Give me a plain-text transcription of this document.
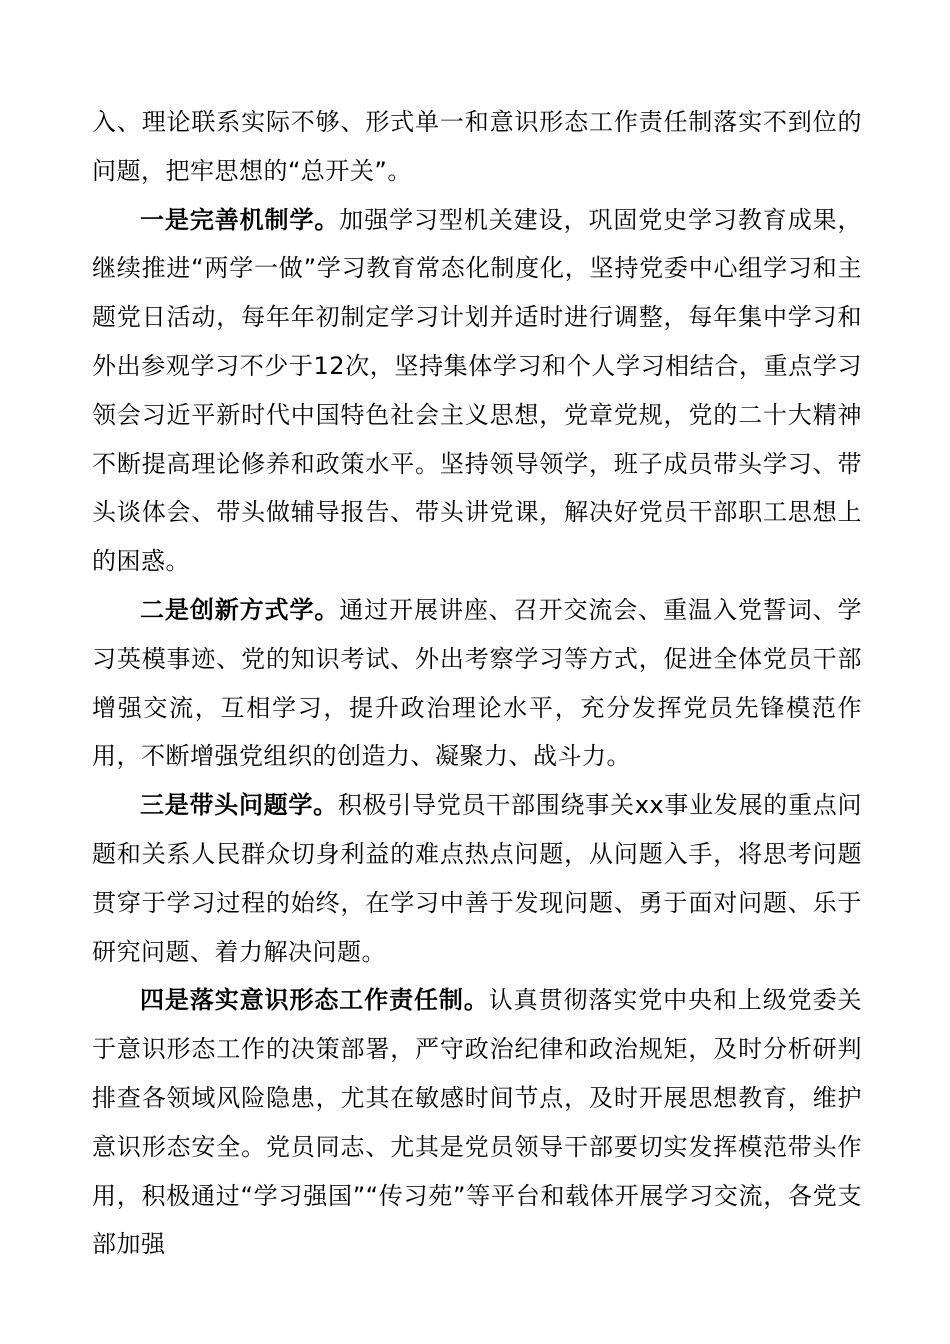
入、理论联系实际不够、形式单一和意识形态工作责任制落实不到位的问题，把牢思想的“总开关”。

一是完善机制学。加强学习型机关建设，巩固党史学习教育成果，继续推进“两学一做”学习教育常态化制度化，坚持党委中心组学习和主题党日活动，每年年初制定学习计划并适时进行调整，每年集中学习和外出参观学习不少于12次，坚持集体学习和个人学习相结合，重点学习领会习近平新时代中国特色社会主义思想，党章党规，党的二十大精神不断提高理论修养和政策水平。坚持领导领学，班子成员带头学习、带头谈体会、带头做辅导报告、带头讲党课，解决好党员干部职工思想上的困惑。

二是创新方式学。通过开展讲座、召开交流会、重温入党誓词、学习英模事迹、党的知识考试、外出考察学习等方式，促进全体党员干部增强交流，互相学习，提升政治理论水平，充分发挥党员先锋模范作用，不断增强党组织的创造力、凝聚力、战斗力。

三是带头问题学。积极引导党员干部围绕事关xx事业发展的重点问题和关系人民群众切身利益的难点热点问题，从问题入手，将思考问题贯穿于学习过程的始终，在学习中善于发现问题、勇于面对问题、乐于研究问题、着力解决问题。

四是落实意识形态工作责任制。认真贯彻落实党中央和上级党委关于意识形态工作的决策部署，严守政治纪律和政治规矩，及时分析研判排查各领域风险隐患，尤其在敏感时间节点，及时开展思想教育，维护意识形态安全。党员同志、尤其是党员领导干部要切实发挥模范带头作用，积极通过“学习强国”“传习苑”等平台和载体开展学习交流，各党支部加强
